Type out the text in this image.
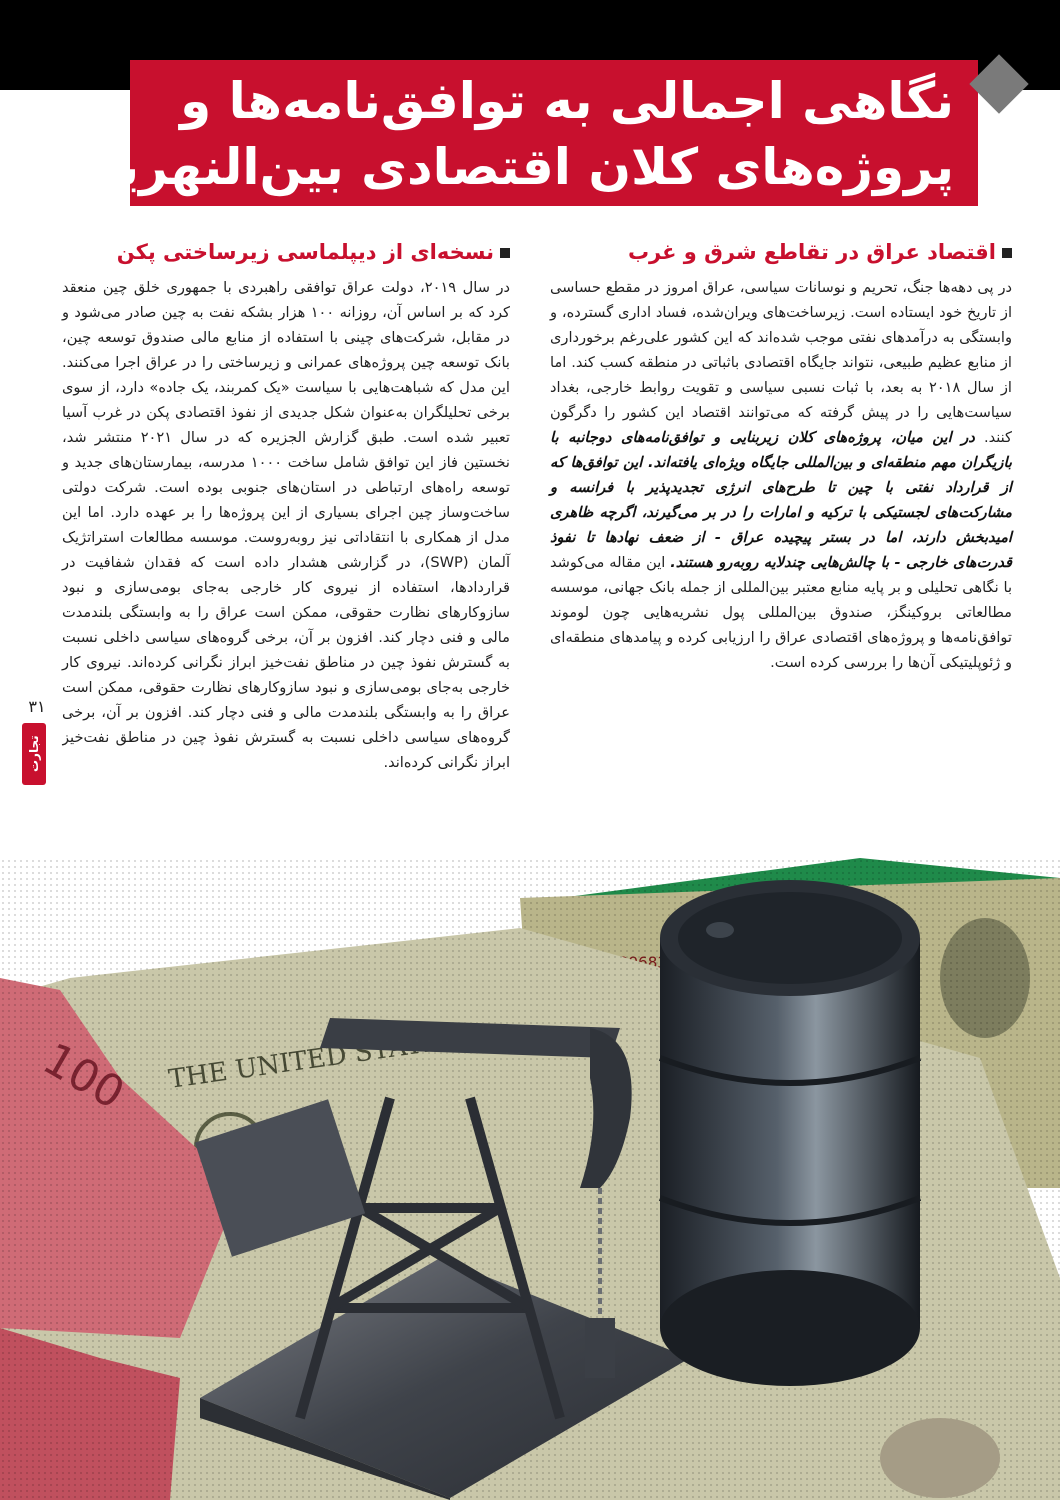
نگاهی اجمالی به توافق‌نامه‌ها و
پروژه‌های کلان اقتصادی بین‌النهرین
اقتصاد عراق در تقاطع شرق و غرب

در پی دهه‌ها جنگ، تحریم و نوسانات سیاسی، عراق امروز در مقطع حساسی از تاریخ خود ایستاده است. زیرساخت‌های ویران‌شده، فساد اداری گسترده، و وابستگی به درآمدهای نفتی موجب شده‌اند که این کشور علی‌رغم برخورداری از منابع عظیم طبیعی، نتواند جایگاه اقتصادی باثباتی در منطقه کسب کند. اما از سال ۲۰۱۸ به بعد، با ثبات نسبی سیاسی و تقویت روابط خارجی، بغداد سیاست‌هایی را در پیش گرفته که می‌توانند اقتصاد این کشور را دگرگون کنند. در این میان، پروژه‌های کلان زیربنایی و توافق‌نامه‌های دوجانبه با بازیگران مهم منطقه‌ای و بین‌المللی جایگاه ویژه‌ای یافته‌اند. این توافق‌ها که از قرارداد نفتی با چین تا طرح‌های انرژی تجدیدپذیر با فرانسه و مشارکت‌های لجستیکی با ترکیه و امارات را در بر می‌گیرند، اگرچه ظاهری امیدبخش دارند، اما در بستر پیچیده عراق - از ضعف نهادها تا نفوذ قدرت‌های خارجی - با چالش‌هایی چندلایه روبه‌رو هستند. این مقاله می‌کوشد با نگاهی تحلیلی و بر پایه منابع معتبر بین‌المللی از جمله بانک جهانی، موسسه مطالعاتی بروکینگز، صندوق بین‌المللی پول نشریه‌هایی چون لوموند توافق‌نامه‌ها و پروژه‌های اقتصادی عراق را ارزیابی کرده و پیامدهای منطقه‌ای و ژئوپلیتیکی آن‌ها را بررسی کرده است.

نسخه‌ای از دیپلماسی زیرساختی پکن

در سال ۲۰۱۹، دولت عراق توافقی راهبردی با جمهوری خلق چین منعقد کرد که بر اساس آن، روزانه ۱۰۰ هزار بشکه نفت به چین صادر می‌شود و در مقابل، شرکت‌های چینی با استفاده از منابع مالی صندوق توسعه چین، بانک توسعه چین پروژه‌های عمرانی و زیرساختی را در عراق اجرا می‌کنند. این مدل که شباهت‌هایی با سیاست «یک کمربند، یک جاده» دارد، از سوی برخی تحلیلگران به‌عنوان شکل جدیدی از نفوذ اقتصادی پکن در غرب آسیا تعبیر شده است. طبق گزارش الجزیره که در سال ۲۰۲۱ منتشر شد، نخستین فاز این توافق شامل ساخت ۱۰۰۰ مدرسه، بیمارستان‌های جدید و توسعه راه‌های ارتباطی در استان‌های جنوبی بوده است. شرکت دولتی ساخت‌وساز چین اجرای بسیاری از این پروژه‌ها را بر عهده دارد. اما این مدل از همکاری با انتقاداتی نیز روبه‌روست. موسسه مطالعات استراتژیک آلمان (SWP)، در گزارشی هشدار داده است که فقدان شفافیت در قراردادها، استفاده از نیروی کار خارجی به‌جای بومی‌سازی و نبود سازوکارهای نظارت حقوقی، ممکن است عراق را به وابستگی بلندمدت مالی و فنی دچار کند. افزون بر آن، برخی گروه‌های سیاسی داخلی نسبت به گسترش نفوذ چین در مناطق نفت‌خیز ابراز نگرانی کرده‌اند. نیروی کار خارجی به‌جای بومی‌سازی و نبود سازوکارهای نظارت حقوقی، ممکن است عراق را به وابستگی بلندمدت مالی و فنی دچار کند. افزون بر آن، برخی گروه‌های سیاسی داخلی نسبت به گسترش نفوذ چین در مناطق نفت‌خیز ابراز نگرانی کرده‌اند.

۳۱
تجارت فردا
